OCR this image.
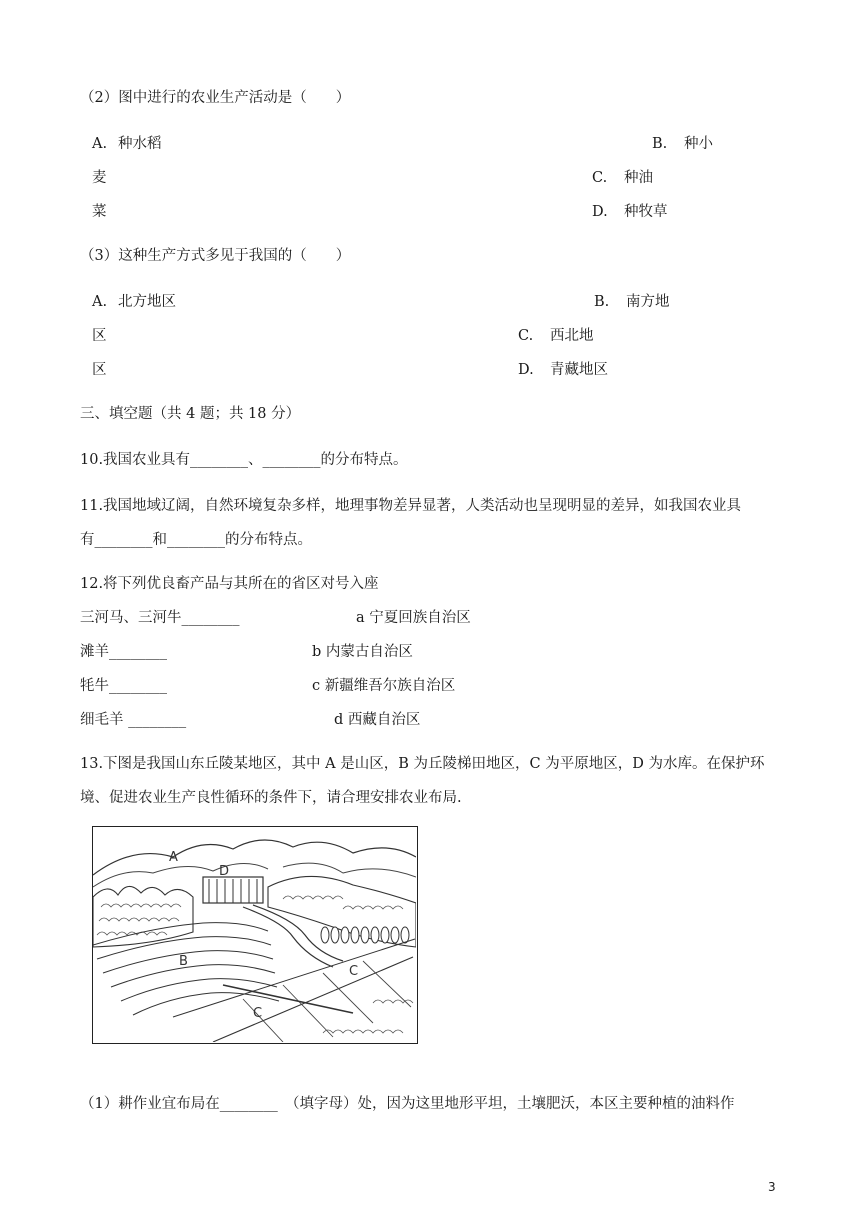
（2）图中进行的农业生产活动是（　　）
A. 种水稻	B. 种小
麦	C. 种油
菜	D. 种牧草
（3）这种生产方式多见于我国的（　　）
A. 北方地区	B. 南方地
区	C. 西北地
区	D. 青藏地区
三、填空题（共 4 题；共 18 分）
10.我国农业具有________、________的分布特点。
11.我国地域辽阔，自然环境复杂多样，地理事物差异显著，人类活动也呈现明显的差异，如我国农业具
有________和________的分布特点。
12.将下列优良畜产品与其所在的省区对号入座
三河马、三河牛________	a 宁夏回族自治区
滩羊________	b 内蒙古自治区
牦牛________	c 新疆维吾尔族自治区
细毛羊 ________	d 西藏自治区
13.下图是我国山东丘陵某地区，其中 A 是山区，B 为丘陵梯田地区，C 为平原地区，D 为水库。在保护环
境、促进农业生产良性循环的条件下，请合理安排农业布局.
A
D
B
C
C
（1）耕作业宜布局在________　（填字母）处，因为这里地形平坦，土壤肥沃，本区主要种植的油料作
3
